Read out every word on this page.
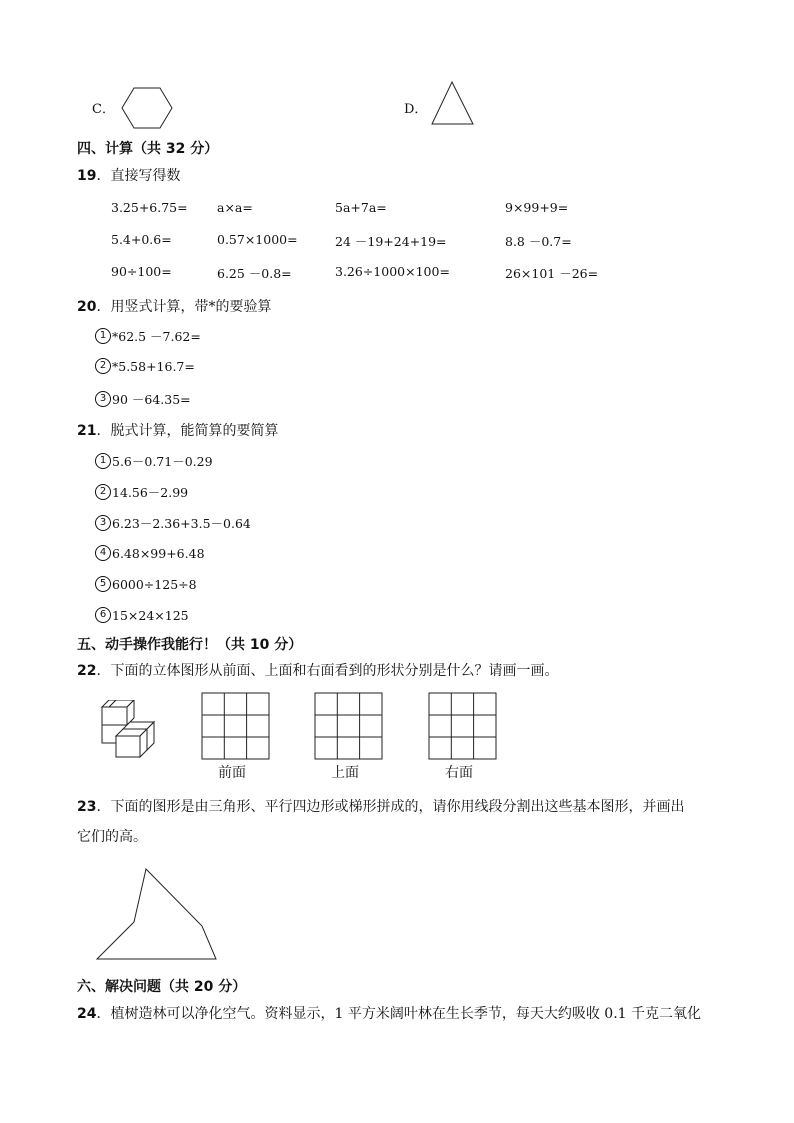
C．	D．
四、计算（共 32 分）
19．直接写得数
3.25+6.75= a×a=	5a+7a=	9×99+9=
5.4+0.6=	0.57×1000=	24 －19+24+19=	8.8 －0.7=
90÷100=	6.25 －0.8=	3.26÷1000×100=	26×101 －26=
20．用竖式计算，带*的要验算
1 *62.5 －7.62=
2 *5.58+16.7=
3 90 －64.35=
21．脱式计算，能简算的要简算
1 5.6－0.71－0.29
2 14.56－2.99
3 6.23－2.36+3.5－0.64
4 6.48×99+6.48
5 6000÷125÷8
6 15×24×125
五、动手操作我能行！（共 10 分）
22．下面的立体图形从前面、上面和右面看到的形状分别是什么？请画一画。
前面	上面	右面
23．下面的图形是由三角形、平行四边形或梯形拼成的，请你用线段分割出这些基本图形，并画出
它们的高。
六、解决问题（共 20 分）
24．植树造林可以净化空气。资料显示，1 平方米阔叶林在生长季节，每天大约吸收 0.1 千克二氧化
